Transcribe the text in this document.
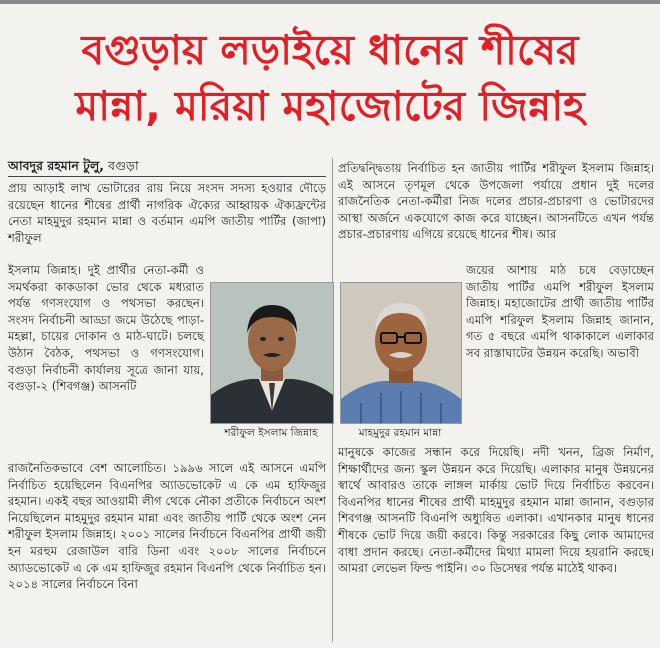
বগুড়ায় লড়াইয়ে ধানের শীষের
মান্না, মরিয়া মহাজোটের জিন্নাহ
আবদুর রহমান টুলু, বগুড়া
প্রায় আড়াই লাখ ভোটারের রায় নিয়ে সংসদ সদস্য হওয়ার দৌড়ে রয়েছেন ধানের শীষের প্রার্থী নাগরিক ঐক্যের আহ্বায়ক ঐক্যফ্রন্টের নেতা মাহমুদুর রহমান মান্না ও বর্তমান এমপি জাতীয় পার্টির (জাপা) শরীফুল
ইসলাম জিন্নাহ। দুই প্রার্থীর নেতা-কর্মী ও সমর্থকরা কাকডাকা ভোর থেকে মধ্যরাত পর্যন্ত গণসংযোগ ও পথসভা করছেন। সংসদ নির্বাচনী আড্ডা জমে উঠেছে পাড়া-মহল্লা, চায়ের দোকান ও মাঠ-ঘাটে। চলছে উঠান বৈঠক, পথসভা ও গণসংযোগ। বগুড়া নির্বাচনী কার্যালয় সূত্রে জানা যায়, বগুড়া-২ (শিবগঞ্জ) আসনটি
রাজনৈতিকভাবে বেশ আলোচিত। ১৯৯৬ সালে এই আসনে এমপি নির্বাচিত হয়েছিলেন বিএনপির অ্যাডভোকেট এ কে এম হাফিজুর রহমান। একই বছর আওয়ামী লীগ থেকে নৌকা প্রতীকে নির্বাচনে অংশ নিয়েছিলেন মাহমুদুর রহমান মান্না এবং জাতীয় পার্টি থেকে অংশ নেন শরীফুল ইসলাম জিন্নাহ। ২০০১ সালের নির্বাচনে বিএনপির প্রার্থী জয়ী হন মরহুম রেজাউল বারি ডিনা এবং ২০০৮ সালের নির্বাচনে অ্যাডভোকেট এ কে এম হাফিজুর রহমান বিএনপি থেকে নির্বাচিত হন। ২০১৪ সালের নির্বাচনে বিনা
প্রতিদ্বন্দ্বিতায় নির্বাচিত হন জাতীয় পার্টির শরীফুল ইসলাম জিন্নাহ। এই আসনে তৃণমূল থেকে উপজেলা পর্যায়ে প্রধান দুই দলের রাজনৈতিক নেতা-কর্মীরা নিজ দলের প্রচার-প্রচারণা ও ভোটারদের আস্থা অর্জনে একযোগে কাজ করে যাচ্ছেন। আসনটিতে এখন পর্যন্ত প্রচার-প্রচারণায় এগিয়ে রয়েছে ধানের শীষ। আর
জয়ের আশায় মাঠ চষে বেড়াচ্ছেন জাতীয় পার্টির এমপি শরীফুল ইসলাম জিন্নাহ। মহাজোটের প্রার্থী জাতীয় পার্টির এমপি শরিফুল ইসলাম জিন্নাহ জানান, গত ৫ বছরে এমপি থাকাকালে এলাকার সব রাস্তাঘাটের উন্নয়ন করেছি। অভাবী
মানুষকে কাজের সন্ধান করে দিয়েছি। নদী খনন, ব্রিজ নির্মাণ, শিক্ষার্থীদের জন্য স্কুল উন্নয়ন করে দিয়েছি। এলাকার মানুষ উন্নয়নের স্বার্থে আবারও তাকে লাঙ্গল মার্কায় ভোট দিয়ে নির্বাচিত করবেন। বিএনপির ধানের শীষের প্রার্থী মাহমুদুর রহমান মান্না জানান, বগুড়ার শিবগঞ্জ আসনটি বিএনপি অধ্যুষিত এলাকা। এখানকার মানুষ ধানের শীষকে ভোট দিয়ে জয়ী করবে। কিন্তু সরকারের কিছু লোক আমাদের বাধা প্রদান করছে। নেতা-কর্মীদের মিথ্যা মামলা দিয়ে হয়রানি করছে। আমরা লেভেল ফিল্ড পাইনি। ৩০ ডিসেম্বর পর্যন্ত মাঠেই থাকব।
শরীফুল ইসলাম জিন্নাহ	মাহমুদুর রহমান মান্না
